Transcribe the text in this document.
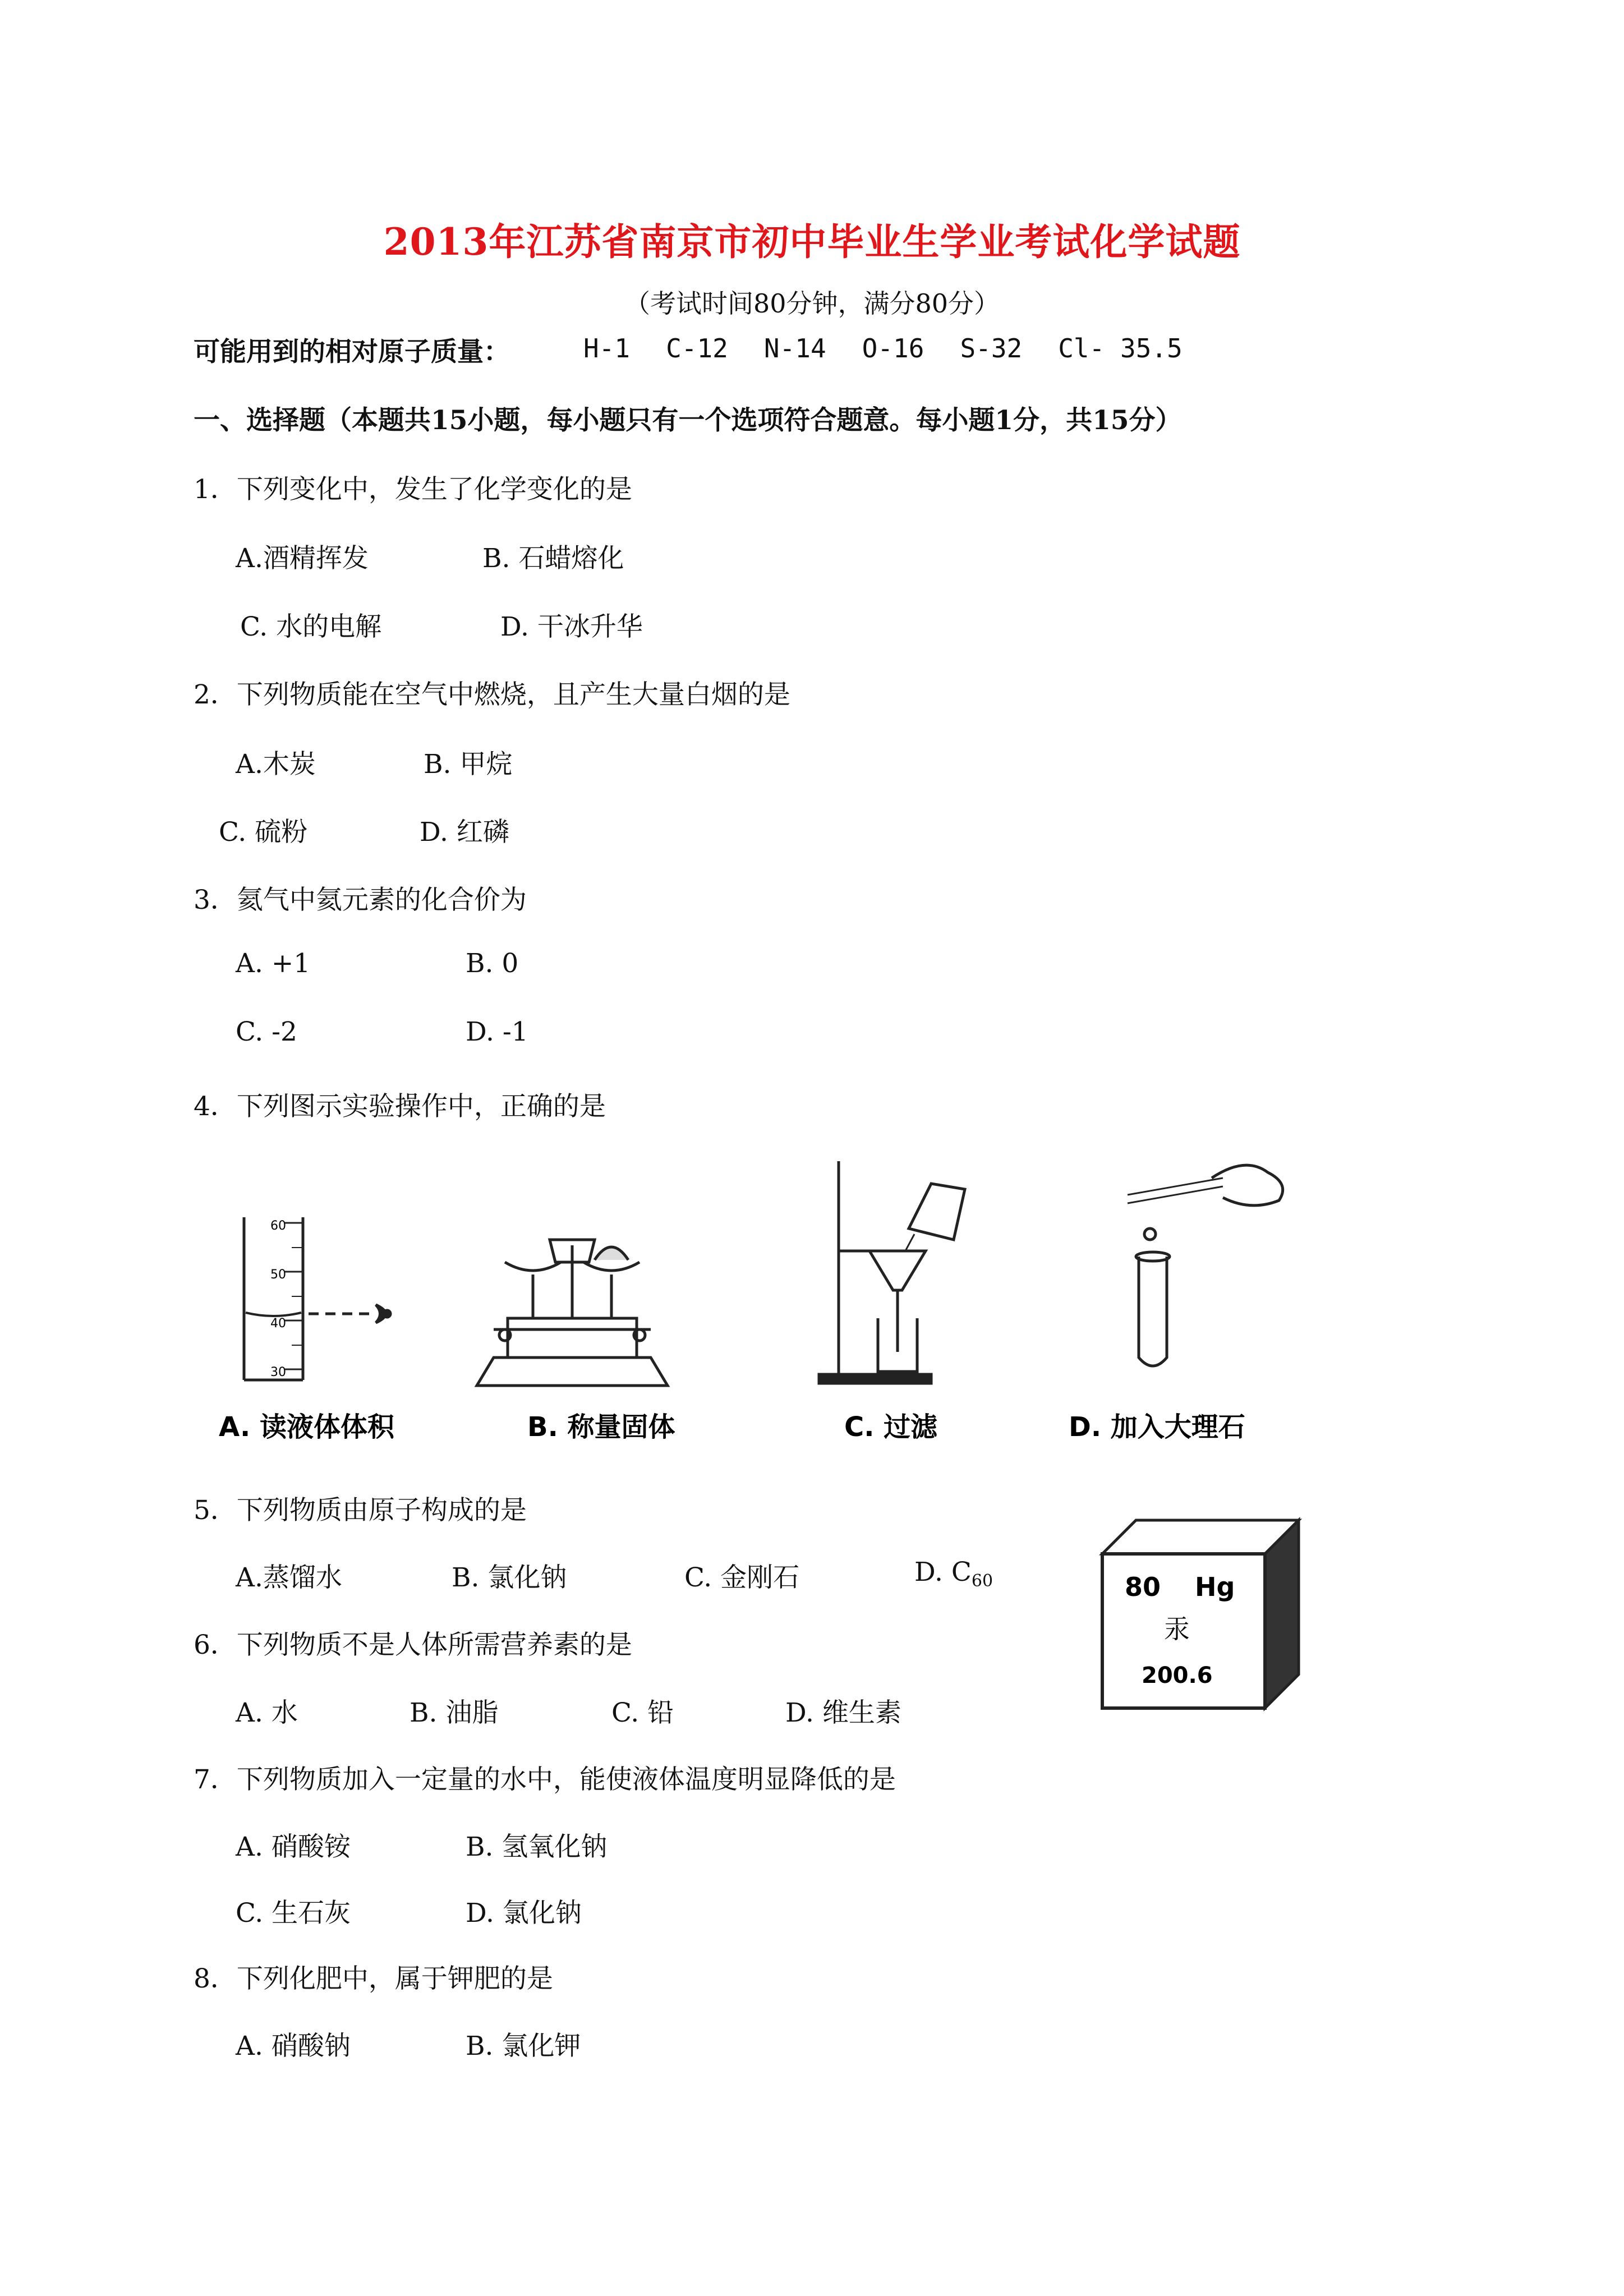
2013年江苏省南京市初中毕业生学业考试化学试题
（考试时间80分钟，满分80分）
可能用到的相对原子质量：	H-1 C-12 N-14 O-16 S-32 Cl- 35.5
一、选择题（本题共15小题，每小题只有一个选项符合题意。每小题1分，共15分）
1．下列变化中，发生了化学变化的是
A.酒精挥发	B. 石蜡熔化
C. 水的电解	D. 干冰升华
2．下列物质能在空气中燃烧，且产生大量白烟的是
A.木炭	B. 甲烷
C. 硫粉	D. 红磷
3．氦气中氦元素的化合价为
A. +1	B. 0
C. -2	D. -1
4．下列图示实验操作中，正确的是
60
50
40
30
A. 读液体体积	B. 称量固体	C. 过滤	D. 加入大理石
5．下列物质由原子构成的是
A.蒸馏水	B. 氯化钠	C. 金刚石	D. $C_{60}$	80 Hg
汞
200.6
6．下列物质不是人体所需营养素的是
A. 水	B. 油脂	C. 铅	D. 维生素
7．下列物质加入一定量的水中，能使液体温度明显降低的是
A. 硝酸铵	B. 氢氧化钠
C. 生石灰	D. 氯化钠
8．下列化肥中，属于钾肥的是
A. 硝酸钠	B. 氯化钾
